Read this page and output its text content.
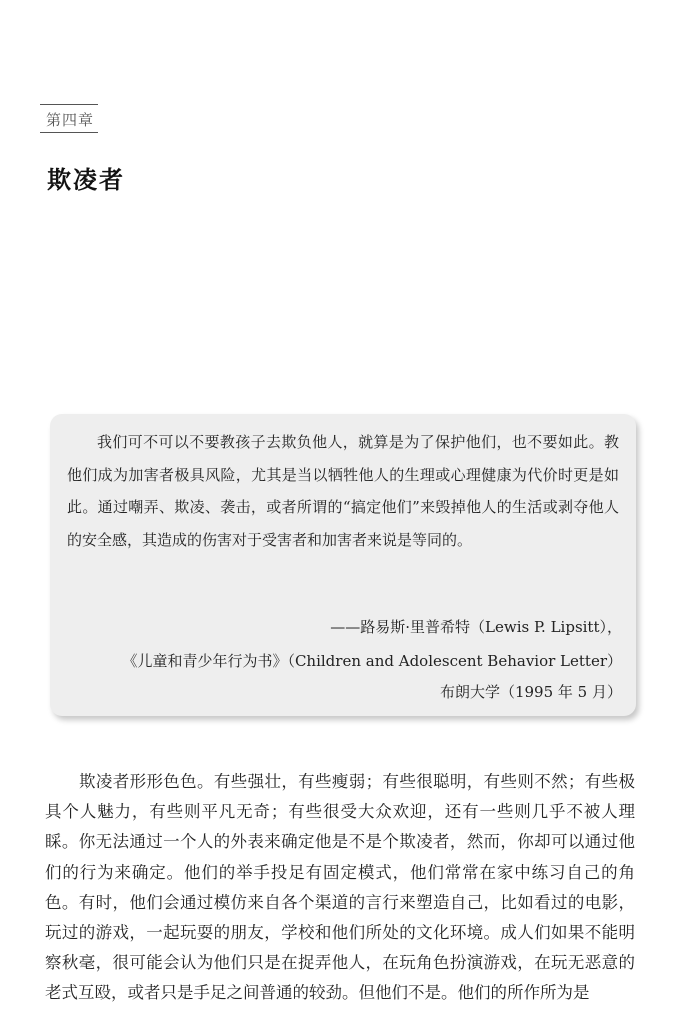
第四章
欺凌者

我们可不可以不要教孩子去欺负他人，就算是为了保护他们，也不要如此。教他们成为加害者极具风险，尤其是当以牺牲他人的生理或心理健康为代价时更是如此。通过嘲弄、欺凌、袭击，或者所谓的“搞定他们”来毁掉他人的生活或剥夺他人的安全感，其造成的伤害对于受害者和加害者来说是等同的。

——路易斯·里普希特（Lewis P. Lipsitt），

《儿童和青少年行为书》（Children and Adolescent Behavior Letter）

布朗大学（1995 年 5 月）

欺凌者形形色色。有些强壮，有些瘦弱；有些很聪明，有些则不然；有些极具个人魅力，有些则平凡无奇；有些很受大众欢迎，还有一些则几乎不被人理睬。你无法通过一个人的外表来确定他是不是个欺凌者，然而，你却可以通过他们的行为来确定。他们的举手投足有固定模式，他们常常在家中练习自己的角色。有时，他们会通过模仿来自各个渠道的言行来塑造自己，比如看过的电影，玩过的游戏，一起玩耍的朋友，学校和他们所处的文化环境。成人们如果不能明察秋毫，很可能会认为他们只是在捉弄他人，在玩角色扮演游戏，在玩无恶意的老式互殴，或者只是手足之间普通的较劲。但他们不是。他们的所作所为是
